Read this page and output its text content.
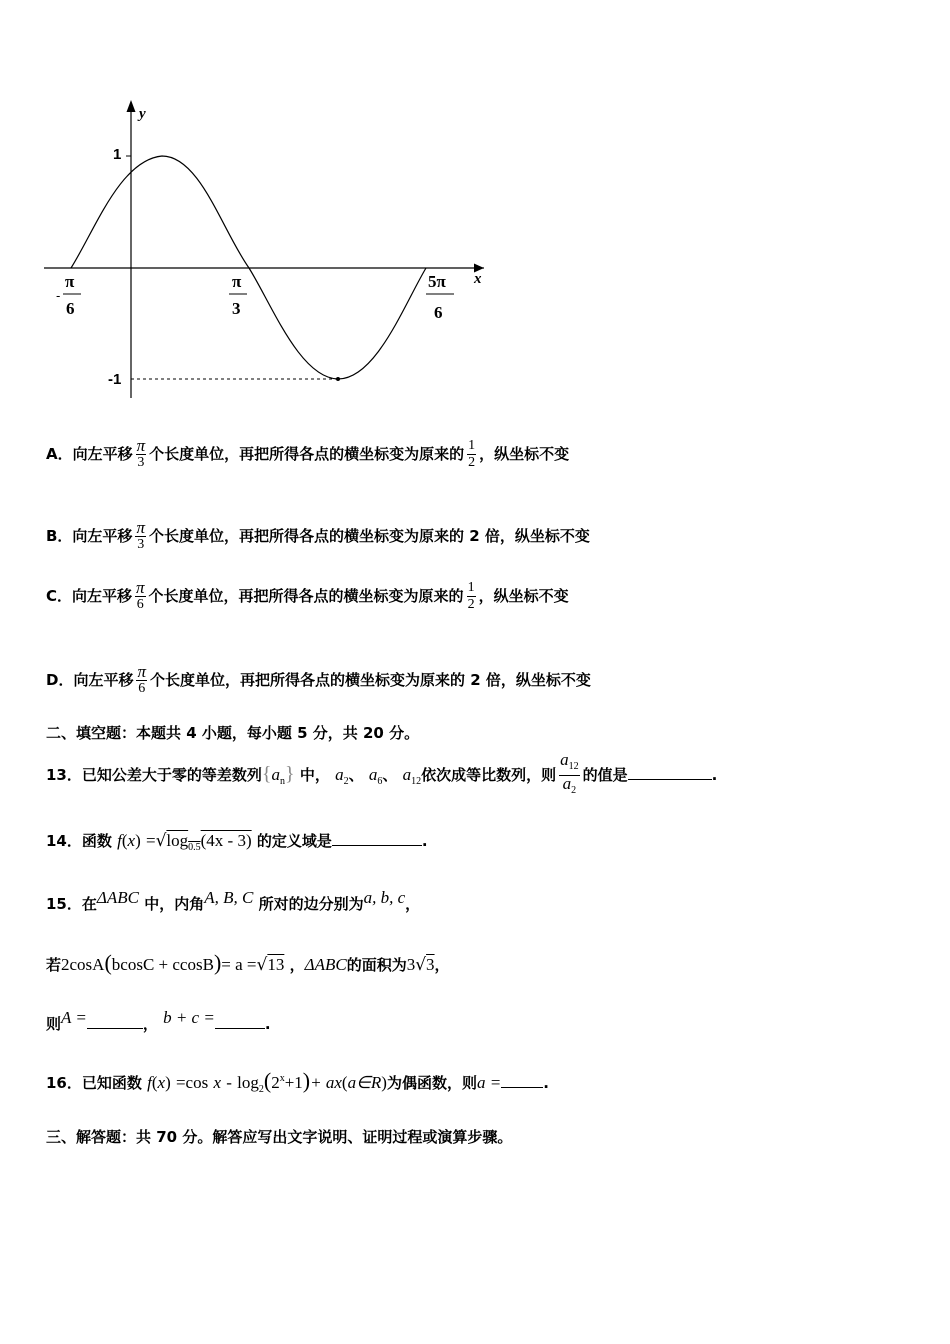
y
x
1
-1
-
π
6
π
3
5π
6
A．向左平移 $\frac{\pi}{3}$ 个长度单位，再把所得各点的横坐标变为原来的 $\frac{1}{2}$ ，纵坐标不变
B．向左平移 $\frac{\pi}{3}$ 个长度单位，再把所得各点的横坐标变为原来的 2 倍，纵坐标不变
C．向左平移 $\frac{\pi}{6}$ 个长度单位，再把所得各点的横坐标变为原来的 $\frac{1}{2}$ ，纵坐标不变
D．向左平移 $\frac{\pi}{6}$ 个长度单位，再把所得各点的横坐标变为原来的 2 倍，纵坐标不变
二、填空题：本题共 4 小题，每小题 5 分，共 20 分。
13．已知公差大于零的等差数列$\{a_n\}$ 中， $a_2$、 $a_6$、 $a_{12}$依次成等比数列，则 $\frac{a_{12}}{a_2}$ 的值是	.
14．函数 $f(x) =√\log_{0.5}(4x - 3)$ 的定义域是	.
15．在ΔABC 中，内角A, B, C 所对的边分别为a, b, c，
若2cosA(bcosC + ccosB)= a =√13 ，ΔABC的面积为3√3，
则A =	， b + c =	.
16．已知函数 f(x) =cos $x - \log_2(2^x+1)+$ ax(a∈R)为偶函数，则a =	.
三、解答题：共 70 分。解答应写出文字说明、证明过程或演算步骤。
